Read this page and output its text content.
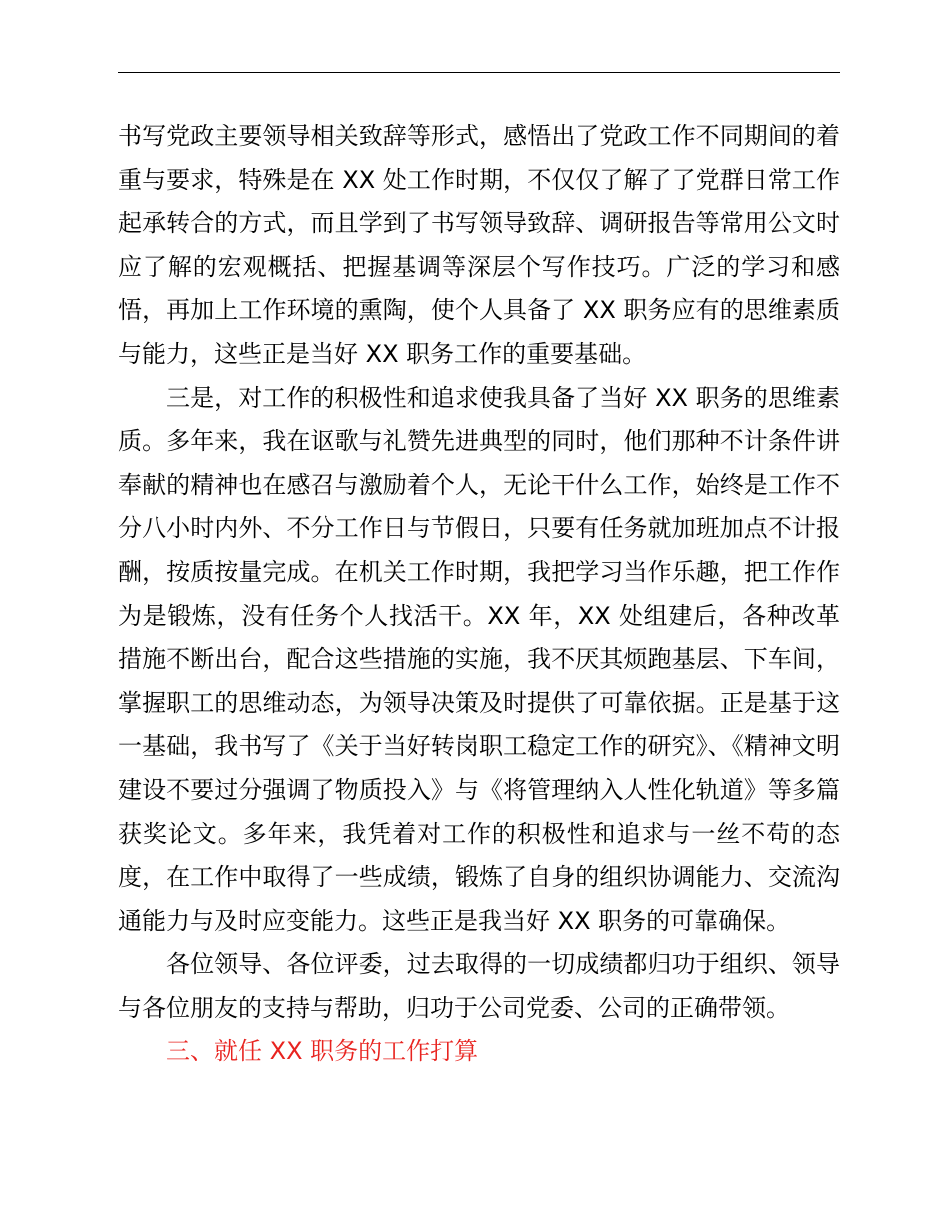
书写党政主要领导相关致辞等形式，感悟出了党政工作不同期间的着重与要求，特殊是在 XX 处工作时期，不仅仅了解了了党群日常工作起承转合的方式，而且学到了书写领导致辞、调研报告等常用公文时应了解的宏观概括、把握基调等深层个写作技巧。广泛的学习和感悟，再加上工作环境的熏陶，使个人具备了 XX 职务应有的思维素质与能力，这些正是当好 XX 职务工作的重要基础。

三是，对工作的积极性和追求使我具备了当好 XX 职务的思维素质。多年来，我在讴歌与礼赞先进典型的同时，他们那种不计条件讲奉献的精神也在感召与激励着个人，无论干什么工作，始终是工作不分八小时内外、不分工作日与节假日，只要有任务就加班加点不计报酬，按质按量完成。在机关工作时期，我把学习当作乐趣，把工作作为是锻炼，没有任务个人找活干。XX 年，XX 处组建后，各种改革措施不断出台，配合这些措施的实施，我不厌其烦跑基层、下车间，掌握职工的思维动态，为领导决策及时提供了可靠依据。正是基于这一基础，我书写了《关于当好转岗职工稳定工作的研究》、《精神文明建设不要过分强调了物质投入》与《将管理纳入人性化轨道》等多篇获奖论文。多年来，我凭着对工作的积极性和追求与一丝不苟的态度，在工作中取得了一些成绩，锻炼了自身的组织协调能力、交流沟通能力与及时应变能力。这些正是我当好 XX 职务的可靠确保。

各位领导、各位评委，过去取得的一切成绩都归功于组织、领导与各位朋友的支持与帮助，归功于公司党委、公司的正确带领。

三、就任 XX 职务的工作打算
